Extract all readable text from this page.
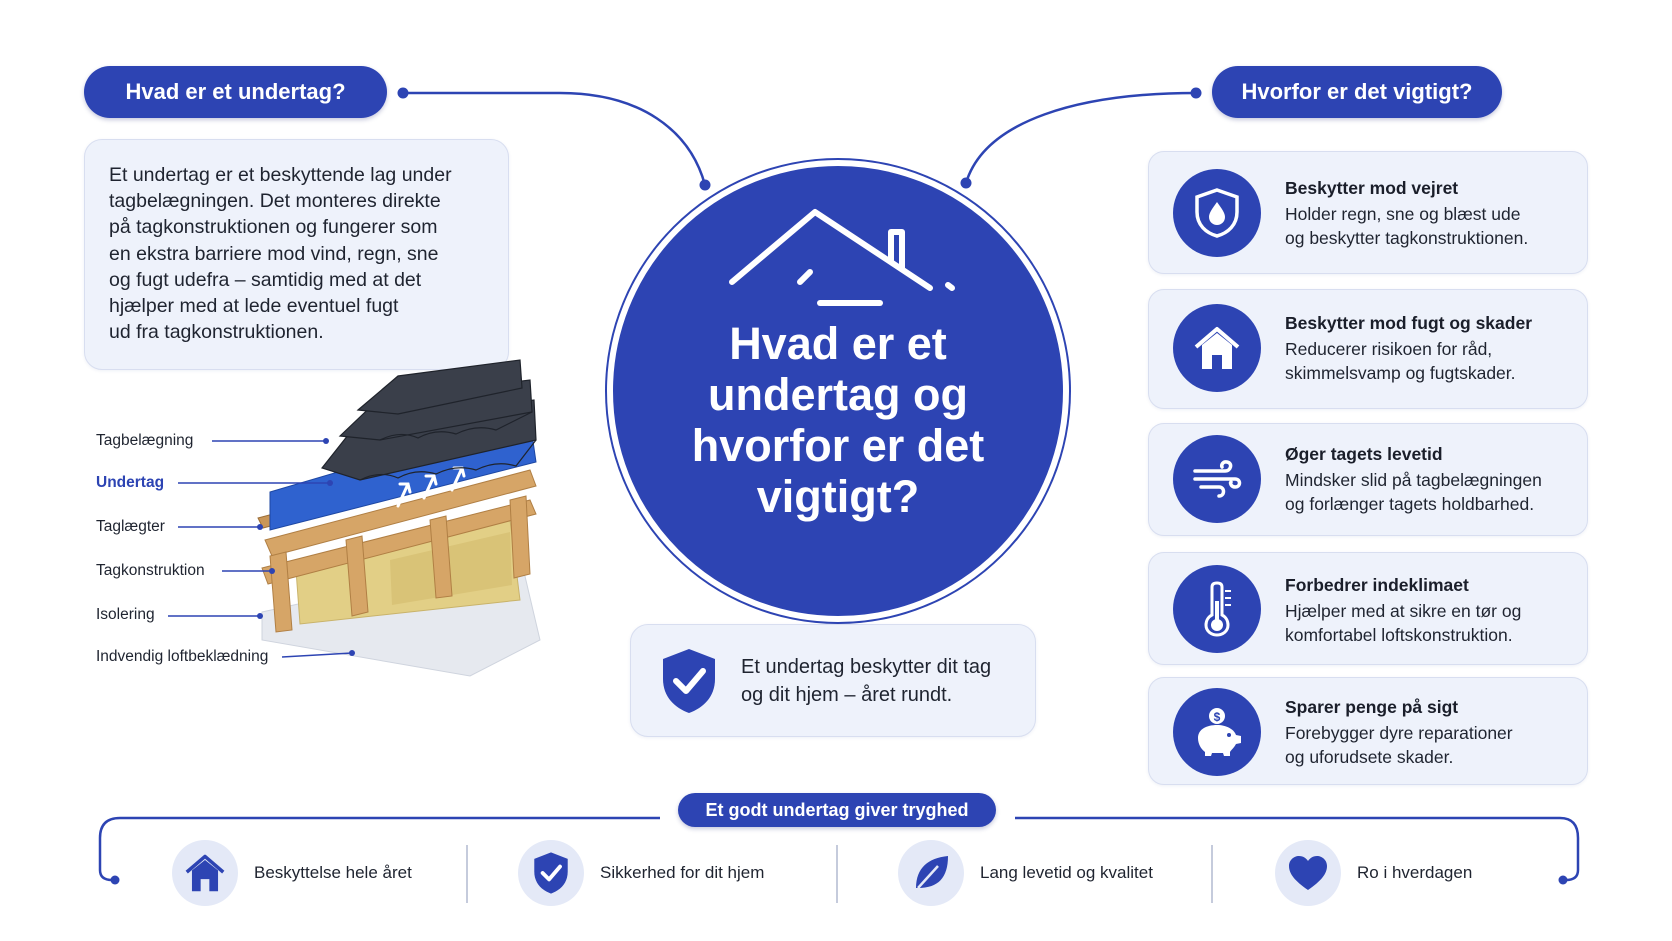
Hvad er et undertag?	Hvorfor er det vigtigt?
Et undertag er et beskyttende lag under
tagbelægningen. Det monteres direkte
på tagkonstruktionen og fungerer som
en ekstra barriere mod vind, regn, sne
og fugt udefra – samtidig med at det
hjælper med at lede eventuel fugt
ud fra tagkonstruktionen.	Hvad er et undertag og hvorfor er det vigtigt?
Tagbelægning
Undertag
Taglægter
Tagkonstruktion
Isolering
Indvendig loftbeklædning	Et undertag beskytter dit tag
og dit hjem – året rundt.
Beskytter mod vejret
Holder regn, sne og blæst ude
og beskytter tagkonstruktionen.
Beskytter mod fugt og skader
Reducerer risikoen for råd,
skimmelsvamp og fugtskader.
Øger tagets levetid
Mindsker slid på tagbelægningen
og forlænger tagets holdbarhed.
Forbedrer indeklimaet
Hjælper med at sikre en tør og
komfortabel loftskonstruktion.
$	Sparer penge på sigt
Forebygger dyre reparationer
og uforudsete skader.
Et godt undertag giver tryghed
Beskyttelse hele året	Sikkerhed for dit hjem	Lang levetid og kvalitet	Ro i hverdagen
